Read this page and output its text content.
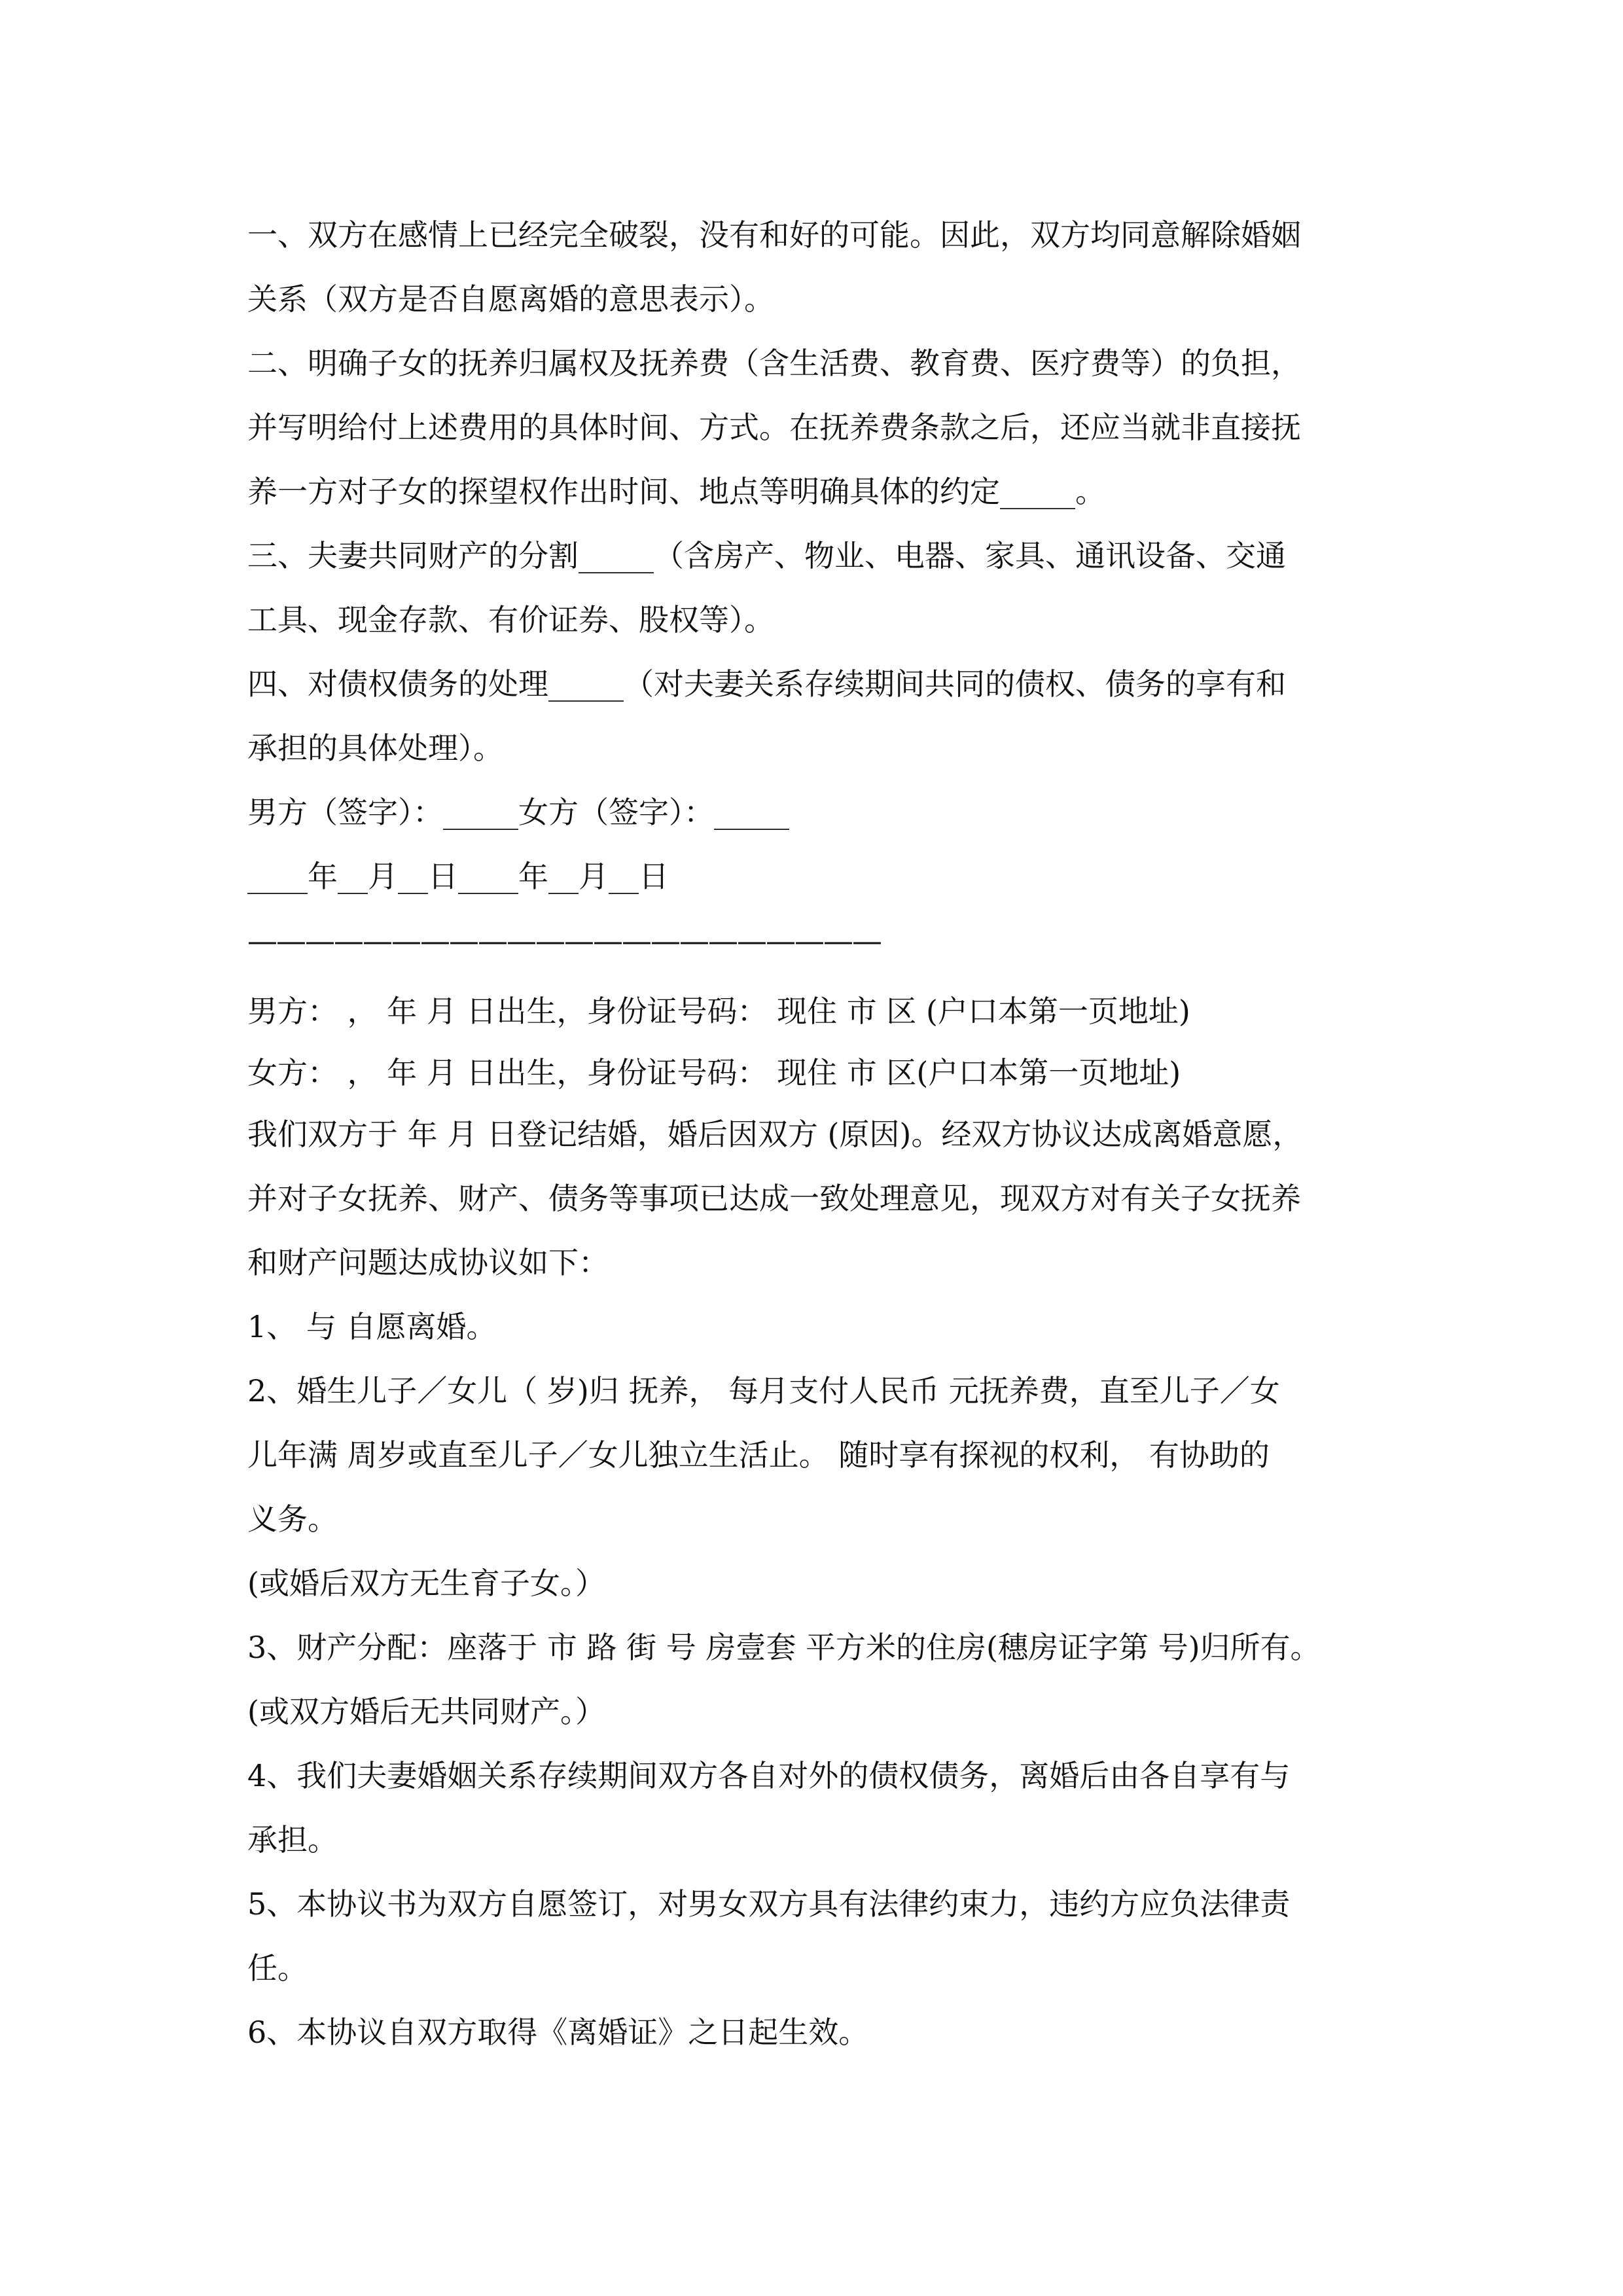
一、双方在感情上已经完全破裂，没有和好的可能。因此，双方均同意解除婚姻
关系（双方是否自愿离婚的意思表示）。
二、明确子女的抚养归属权及抚养费（含生活费、教育费、医疗费等）的负担，
并写明给付上述费用的具体时间、方式。在抚养费条款之后，还应当就非直接抚
养一方对子女的探望权作出时间、地点等明确具体的约定_____。
三、夫妻共同财产的分割_____（含房产、物业、电器、家具、通讯设备、交通
工具、现金存款、有价证券、股权等）。
四、对债权债务的处理_____（对夫妻关系存续期间共同的债权、债务的享有和
承担的具体处理）。
男方（签字）：_____女方（签字）：_____
____年__月__日____年__月__日
——————————————————————
男方： ， 年 月 日出生，身份证号码： 现住 市 区 (户口本第一页地址)
女方： ， 年 月 日出生，身份证号码： 现住 市 区(户口本第一页地址)
我们双方于 年 月 日登记结婚，婚后因双方 (原因)。经双方协议达成离婚意愿，
并对子女抚养、财产、债务等事项已达成一致处理意见，现双方对有关子女抚养
和财产问题达成协议如下：
1、 与 自愿离婚。
2、婚生儿子／女儿（ 岁)归 抚养， 每月支付人民币 元抚养费，直至儿子／女
儿年满 周岁或直至儿子／女儿独立生活止。 随时享有探视的权利， 有协助的
义务。
(或婚后双方无生育子女。）
3、财产分配：座落于 市 路 街 号 房壹套 平方米的住房(穗房证字第 号)归所有。
(或双方婚后无共同财产。）
4、我们夫妻婚姻关系存续期间双方各自对外的债权债务，离婚后由各自享有与
承担。
5、本协议书为双方自愿签订，对男女双方具有法律约束力，违约方应负法律责
任。
6、本协议自双方取得《离婚证》之日起生效。
